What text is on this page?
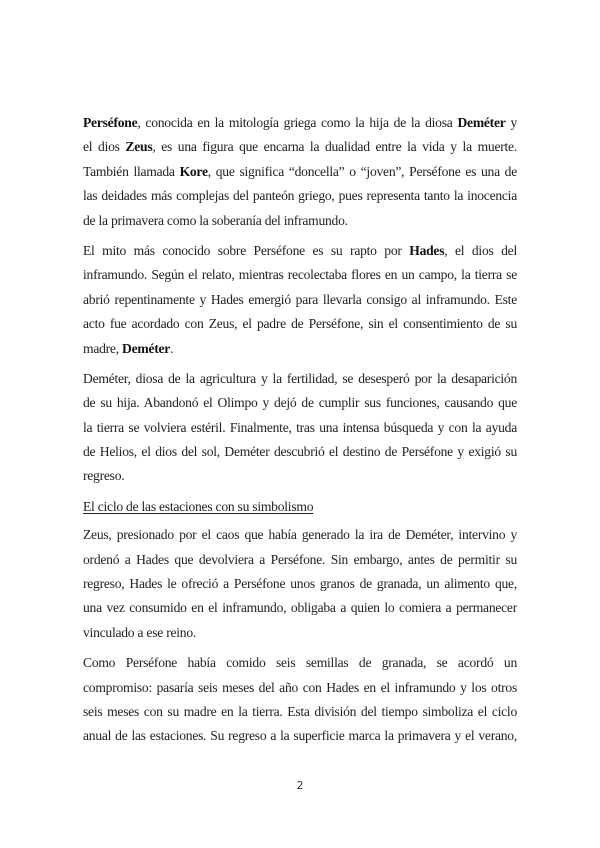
Perséfone, conocida en la mitología griega como la hija de la diosa Deméter y
el dios Zeus, es una figura que encarna la dualidad entre la vida y la muerte.
También llamada Kore, que significa “doncella” o “joven”, Perséfone es una de
las deidades más complejas del panteón griego, pues representa tanto la inocencia
de la primavera como la soberanía del inframundo.
El mito más conocido sobre Perséfone es su rapto por Hades, el dios del
inframundo. Según el relato, mientras recolectaba flores en un campo, la tierra se
abrió repentinamente y Hades emergió para llevarla consigo al inframundo. Este
acto fue acordado con Zeus, el padre de Perséfone, sin el consentimiento de su
madre, Deméter.
Deméter, diosa de la agricultura y la fertilidad, se desesperó por la desaparición
de su hija. Abandonó el Olimpo y dejó de cumplir sus funciones, causando que
la tierra se volviera estéril. Finalmente, tras una intensa búsqueda y con la ayuda
de Helios, el dios del sol, Deméter descubrió el destino de Perséfone y exigió su
regreso.
El ciclo de las estaciones con su simbolismo
Zeus, presionado por el caos que había generado la ira de Deméter, intervino y
ordenó a Hades que devolviera a Perséfone. Sin embargo, antes de permitir su
regreso, Hades le ofreció a Perséfone unos granos de granada, un alimento que,
una vez consumido en el inframundo, obligaba a quien lo comiera a permanecer
vinculado a ese reino.
Como Perséfone había comido seis semillas de granada, se acordó un
compromiso: pasaría seis meses del año con Hades en el inframundo y los otros
seis meses con su madre en la tierra. Esta división del tiempo simboliza el ciclo
anual de las estaciones. Su regreso a la superficie marca la primavera y el verano,
2
